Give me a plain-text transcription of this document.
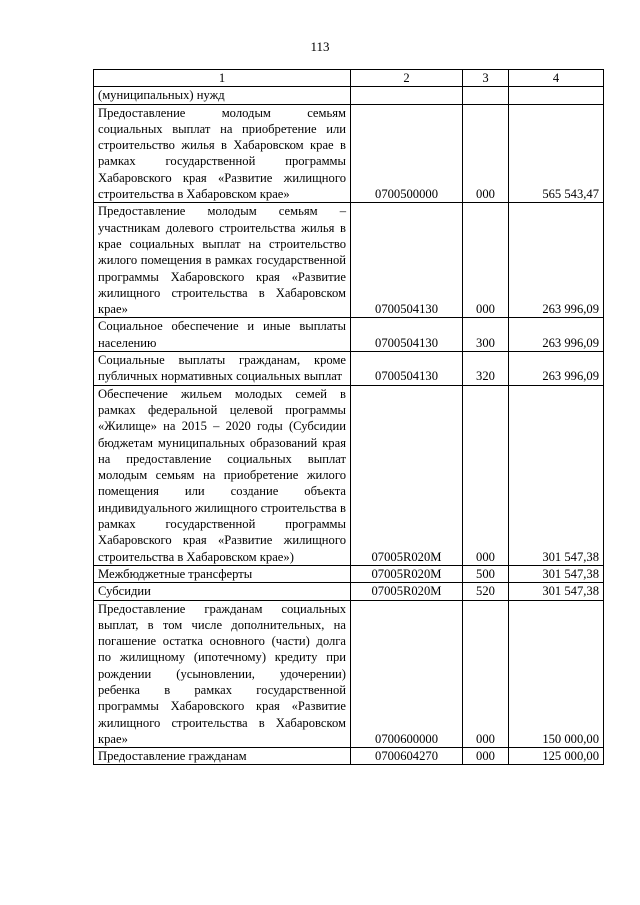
113
1	2	3	4
(муниципальных) нужд			
Предоставление молодым семьям социальных выплат на приобретение или строительство жилья в Хабаровском крае в рамках государственной программы Хабаровского края «Развитие жилищного строительства в Хабаровском крае»	0700500000	000	565 543,47
Предоставление молодым семьям – участникам долевого строительства жилья в крае социальных выплат на строительство жилого помещения в рамках государственной программы Хабаровского края «Развитие жилищного строительства в Хабаровском крае»	0700504130	000	263 996,09
Социальное обеспечение и иные выплаты населению	0700504130	300	263 996,09
Социальные выплаты гражданам, кроме публичных нормативных социальных выплат	0700504130	320	263 996,09
Обеспечение жильем молодых семей в рамках федеральной целевой программы «Жилище» на 2015 – 2020 годы (Субсидии бюджетам муниципальных образований края на предоставление социальных выплат молодым семьям на приобретение жилого помещения или создание объекта индивидуального жилищного строительства в рамках государственной программы Хабаровского края «Развитие жилищного строительства в Хабаровском крае»)	07005R020M	000	301 547,38
Межбюджетные трансферты	07005R020M	500	301 547,38
Субсидии	07005R020M	520	301 547,38
Предоставление гражданам социальных выплат, в том числе дополнительных, на погашение остатка основного (части) долга по жилищному (ипотечному) кредиту при рождении (усыновлении, удочерении) ребенка в рамках государственной программы Хабаровского края «Развитие жилищного строительства в Хабаровском крае»	0700600000	000	150 000,00
Предоставление гражданам	0700604270	000	125 000,00
